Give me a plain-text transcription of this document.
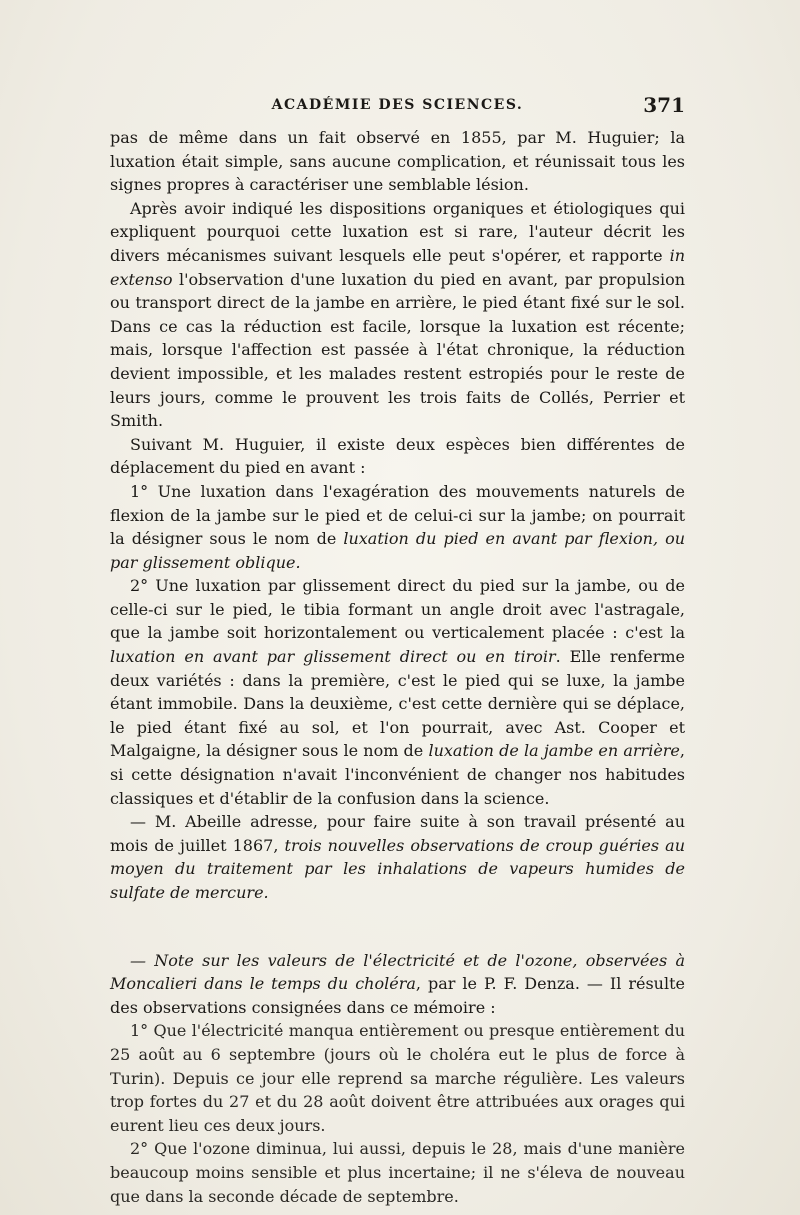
ACADÉMIE DES SCIENCES.	371

pas de même dans un fait observé en 1855, par M. Huguier; la luxation était simple, sans aucune complication, et réunissait tous les signes propres à caractériser une semblable lésion.

Après avoir indiqué les dispositions organiques et étiologiques qui expliquent pourquoi cette luxation est si rare, l'auteur décrit les divers mécanismes suivant lesquels elle peut s'opérer, et rapporte in extenso l'observation d'une luxation du pied en avant, par propulsion ou transport direct de la jambe en arrière, le pied étant fixé sur le sol. Dans ce cas la réduction est facile, lorsque la luxation est récente; mais, lorsque l'affection est passée à l'état chronique, la réduction devient impossible, et les malades restent estropiés pour le reste de leurs jours, comme le prouvent les trois faits de Collés, Perrier et Smith.

Suivant M. Huguier, il existe deux espèces bien différentes de déplacement du pied en avant :

1° Une luxation dans l'exagération des mouvements naturels de flexion de la jambe sur le pied et de celui-ci sur la jambe; on pourrait la désigner sous le nom de luxation du pied en avant par flexion, ou par glissement oblique.

2° Une luxation par glissement direct du pied sur la jambe, ou de celle-ci sur le pied, le tibia formant un angle droit avec l'astragale, que la jambe soit horizontalement ou verticalement placée : c'est la luxation en avant par glissement direct ou en tiroir. Elle renferme deux variétés : dans la première, c'est le pied qui se luxe, la jambe étant immobile. Dans la deuxième, c'est cette dernière qui se déplace, le pied étant fixé au sol, et l'on pourrait, avec Ast. Cooper et Malgaigne, la désigner sous le nom de luxation de la jambe en arrière, si cette désignation n'avait l'inconvénient de changer nos habitudes classiques et d'établir de la confusion dans la science.

— M. Abeille adresse, pour faire suite à son travail présenté au mois de juillet 1867, trois nouvelles observations de croup guéries au moyen du traitement par les inhalations de vapeurs humides de sulfate de mercure.

— Note sur les valeurs de l'électricité et de l'ozone, observées à Moncalieri dans le temps du choléra, par le P. F. Denza. — Il résulte des observations consignées dans ce mémoire :

1° Que l'électricité manqua entièrement ou presque entièrement du 25 août au 6 septembre (jours où le choléra eut le plus de force à Turin). Depuis ce jour elle reprend sa marche régulière. Les valeurs trop fortes du 27 et du 28 août doivent être attribuées aux orages qui eurent lieu ces deux jours.

2° Que l'ozone diminua, lui aussi, depuis le 28, mais d'une manière beaucoup moins sensible et plus incertaine; il ne s'éleva de nouveau que dans la seconde décade de septembre.
